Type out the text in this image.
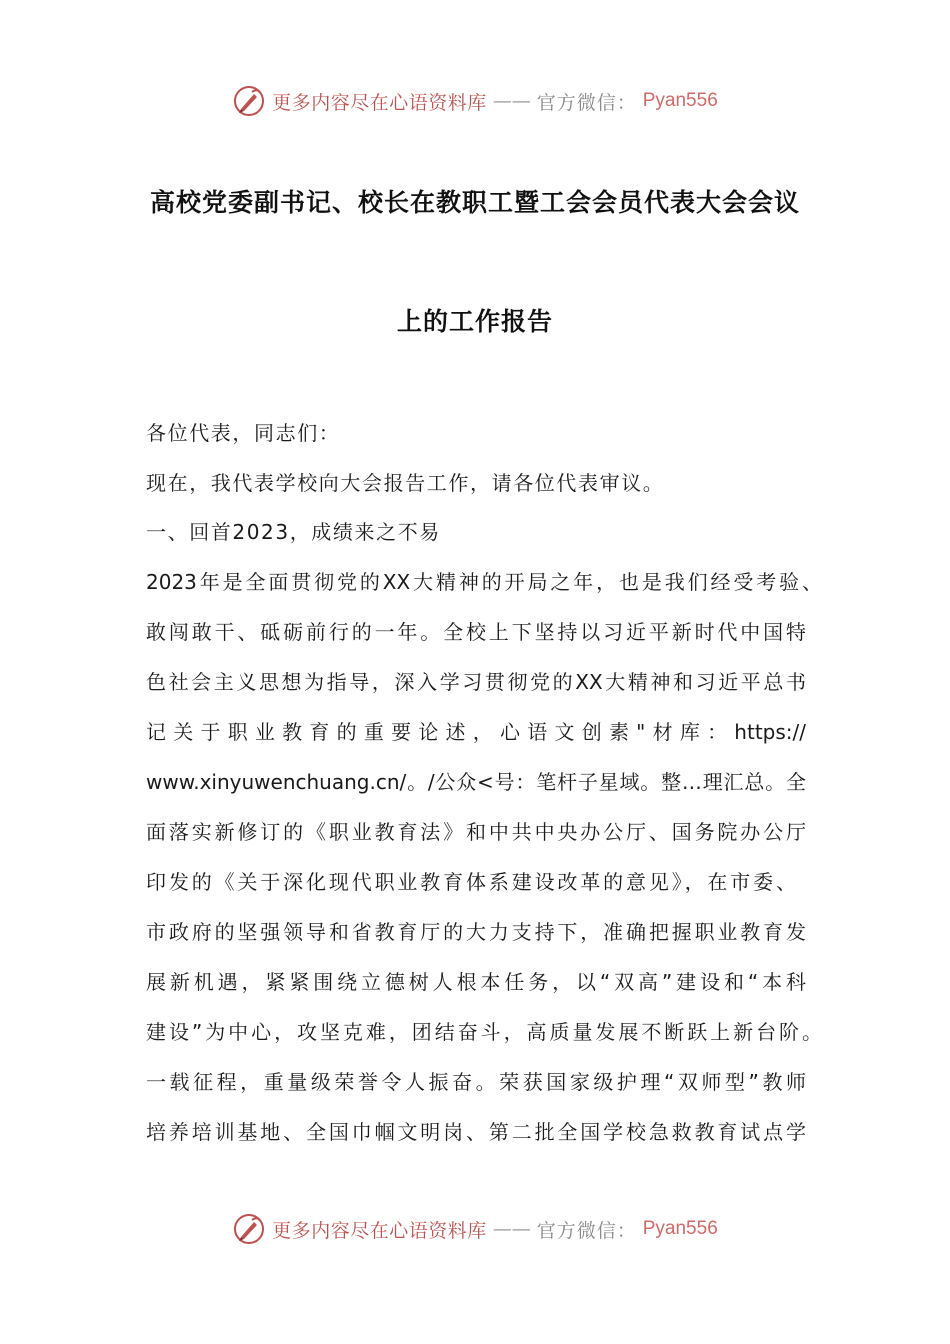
更多内容尽在心语资料库 —— 官方微信： Pyan556
高校党委副书记、校长在教职工暨工会会员代表大会会议
上的工作报告
各位代表，同志们：
现在，我代表学校向大会报告工作，请各位代表审议。
一、回首2023，成绩来之不易
2023年是全面贯彻党的XX大精神的开局之年，也是我们经受考验、
敢闯敢干、砥砺前行的一年。全校上下坚持以习近平新时代中国特
色社会主义思想为指导，深入学习贯彻党的XX大精神和习近平总书
记关于职业教育的重要论述，心语文创素"材库：https://
www.xinyuwenchuang.cn/。/公众<号：笔杆子星域。整…理汇总。全
面落实新修订的《职业教育法》和中共中央办公厅、国务院办公厅
印发的《关于深化现代职业教育体系建设改革的意见》，在市委、
市政府的坚强领导和省教育厅的大力支持下，准确把握职业教育发
展新机遇，紧紧围绕立德树人根本任务，以“双高”建设和“本科
建设”为中心，攻坚克难，团结奋斗，高质量发展不断跃上新台阶。
一载征程，重量级荣誉令人振奋。荣获国家级护理“双师型”教师
培养培训基地、全国巾帼文明岗、第二批全国学校急救教育试点学
更多内容尽在心语资料库 —— 官方微信： Pyan556
